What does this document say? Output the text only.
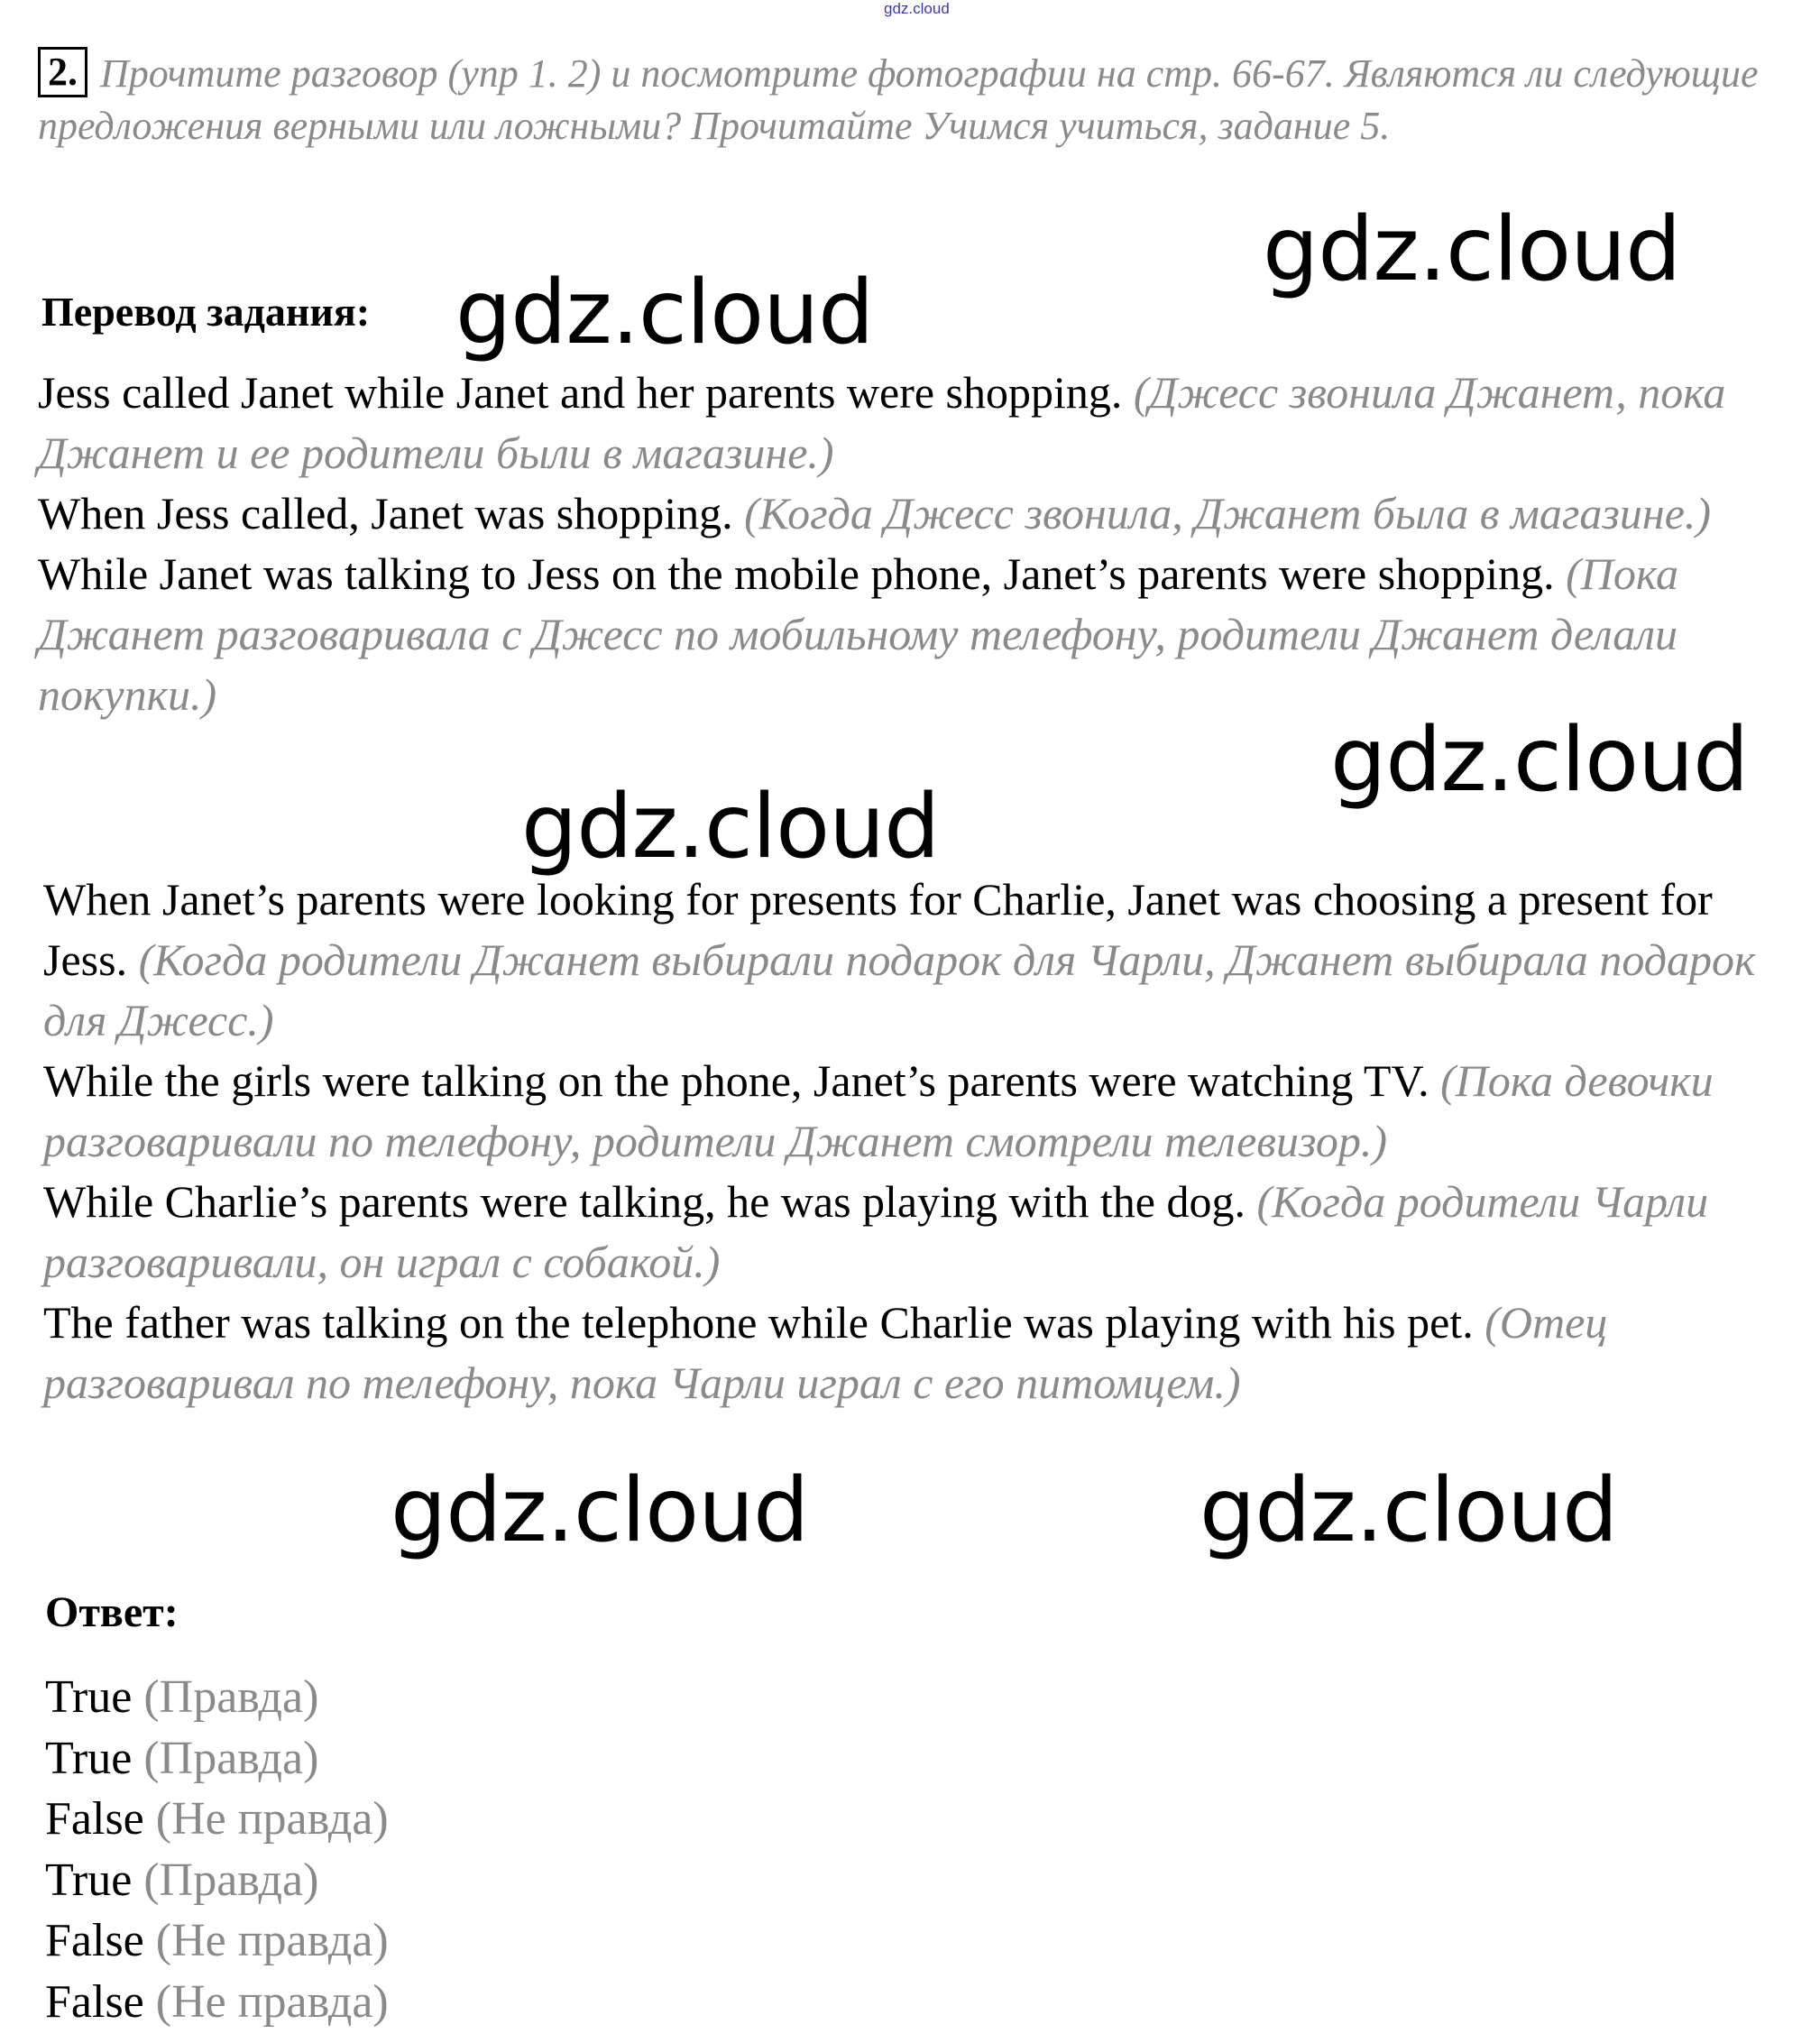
gdz.cloud
2. Прочтите разговор (упр 1. 2) и посмотрите фотографии на стр. 66-67. Являются ли следующие предложения верными или ложными? Прочитайте Учимся учиться, задание 5.
Перевод задания:
gdz.cloud
gdz.cloud
Jess called Janet while Janet and her parents were shopping. (Джесс звонила Джанет, пока Джанет и ее родители были в магазине.)
When Jess called, Janet was shopping. (Когда Джесс звонила, Джанет была в магазине.)
While Janet was talking to Jess on the mobile phone, Janet’s parents were shopping. (Пока Джанет разговаривала с Джесс по мобильному телефону, родители Джанет делали покупки.)
gdz.cloud
gdz.cloud
When Janet’s parents were looking for presents for Charlie, Janet was choosing a present for Jess. (Когда родители Джанет выбирали подарок для Чарли, Джанет выбирала подарок для Джесс.)
While the girls were talking on the phone, Janet’s parents were watching TV. (Пока девочки разговаривали по телефону, родители Джанет смотрели телевизор.)
While Charlie’s parents were talking, he was playing with the dog. (Когда родители Чарли разговаривали, он играл с собакой.)
The father was talking on the telephone while Charlie was playing with his pet. (Отец разговаривал по телефону, пока Чарли играл с его питомцем.)
gdz.cloud	gdz.cloud
Ответ:
True (Правда)
True (Правда)
False (Не правда)
True (Правда)
False (Не правда)
False (Не правда)
